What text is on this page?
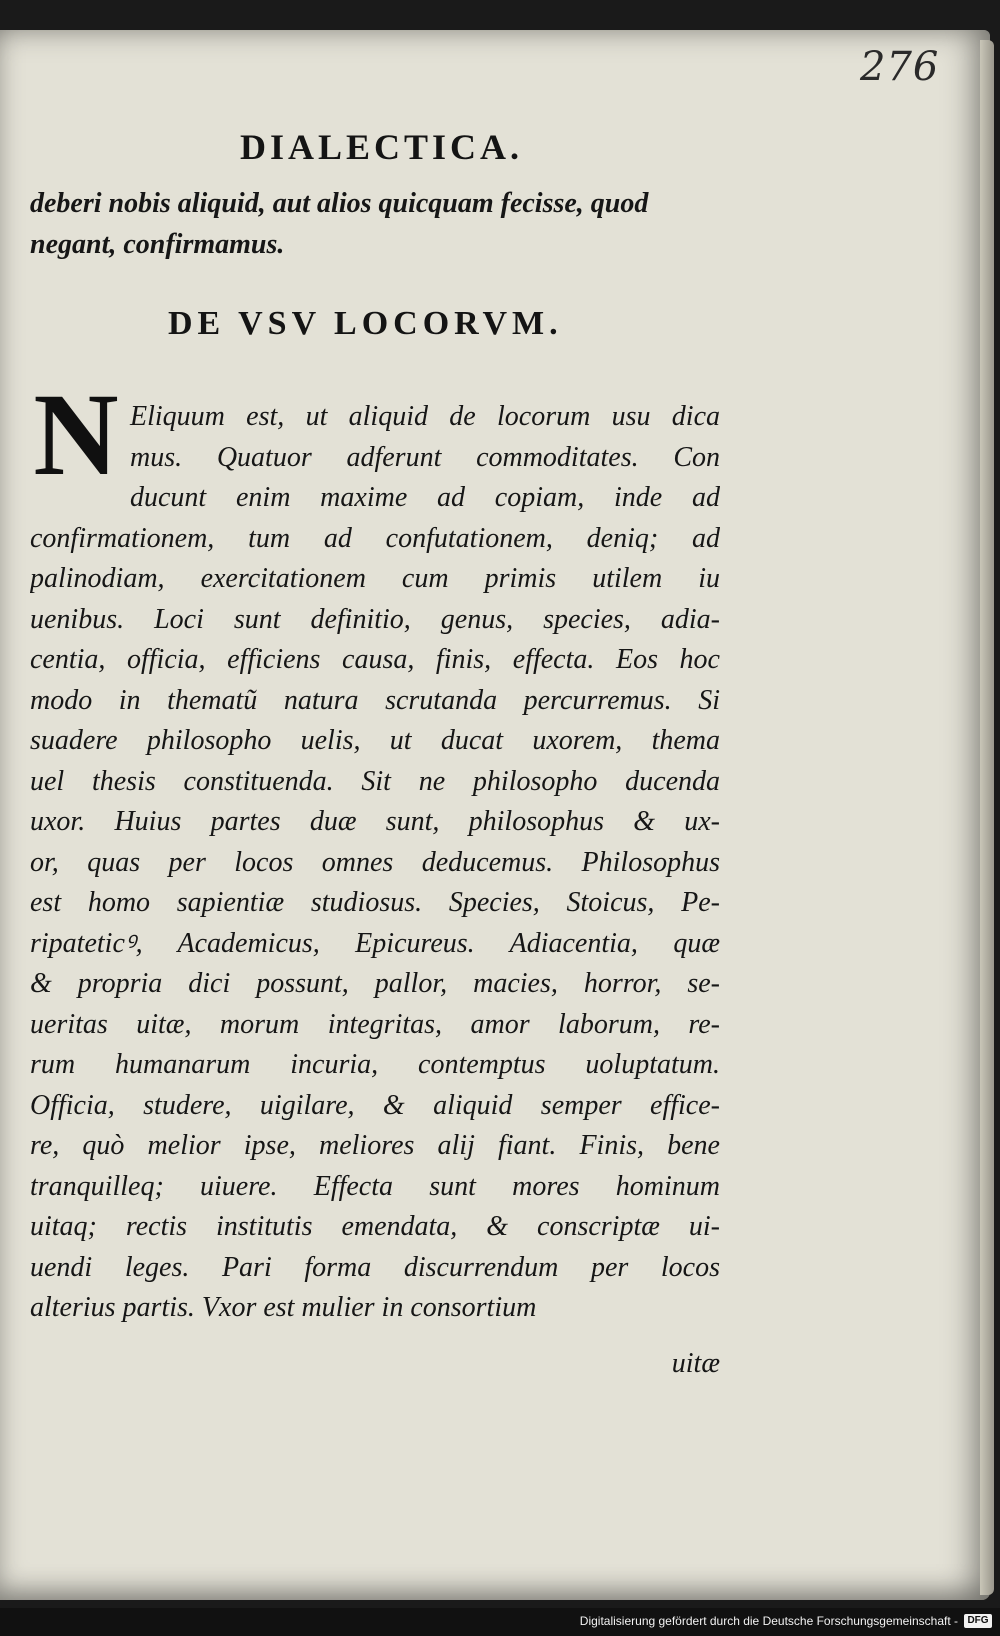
276
DIALECTICA.
deberi nobis aliquid, aut alios quicquam fecisse, quod
negant, confirmamus.
DE VSV LOCORVM.
N Eliquum est, ut aliquid de locorum usu dica
mus. Quatuor adferunt commoditates. Con
ducunt enim maxime ad copiam, inde ad
confirmationem, tum ad confutationem, deniq; ad
palinodiam, exercitationem cum primis utilem iu
uenibus. Loci sunt definitio, genus, species, adia-
centia, officia, efficiens causa, finis, effecta. Eos hoc
modo in thematũ natura scrutanda percurremus. Si
suadere philosopho uelis, ut ducat uxorem, thema
uel thesis constituenda. Sit ne philosopho ducenda
uxor. Huius partes duæ sunt, philosophus & ux-
or, quas per locos omnes deducemus. Philosophus
est homo sapientiæ studiosus. Species, Stoicus, Pe-
ripateticꝰ, Academicus, Epicureus. Adiacentia, quæ
& propria dici possunt, pallor, macies, horror, se-
ueritas uitæ, morum integritas, amor laborum, re-
rum humanarum incuria, contemptus uoluptatum.
Officia, studere, uigilare, & aliquid semper effice-
re, quò melior ipse, meliores alij fiant. Finis, bene
tranquilleq; uiuere. Effecta sunt mores hominum
uitaq; rectis institutis emendata, & conscriptæ ui-
uendi leges. Pari forma discurrendum per locos
alterius partis. Vxor est mulier in consortium
uitæ
Digitalisierung gefördert durch die Deutsche Forschungsgemeinschaft - DFG
